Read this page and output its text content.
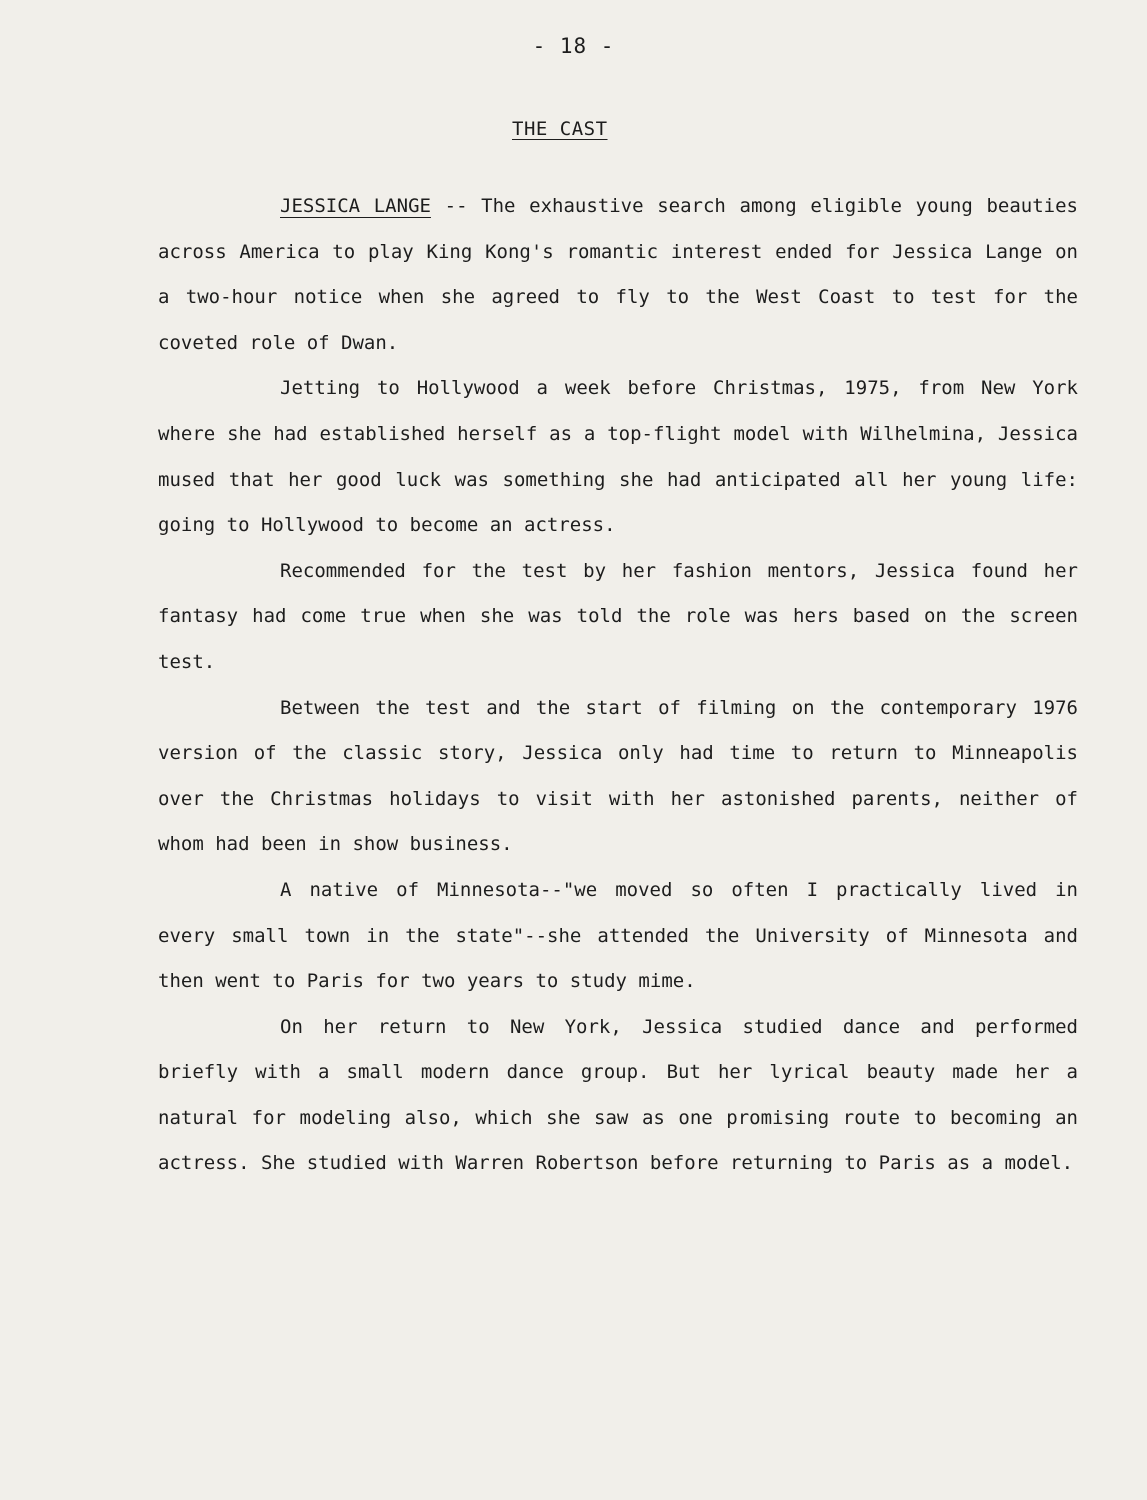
- 18 -
THE CAST

JESSICA LANGE -- The exhaustive search among eligible young beauties across America to play King Kong's romantic interest ended for Jessica Lange on a two-hour notice when she agreed to fly to the West Coast to test for the coveted role of Dwan.

Jetting to Hollywood a week before Christmas, 1975, from New York where she had established herself as a top-flight model with Wilhelmina, Jessica mused that her good luck was something she had anticipated all her young life: going to Hollywood to become an actress.

Recommended for the test by her fashion mentors, Jessica found her fantasy had come true when she was told the role was hers based on the screen test.

Between the test and the start of filming on the contemporary 1976 version of the classic story, Jessica only had time to return to Minneapolis over the Christmas holidays to visit with her astonished parents, neither of whom had been in show business.

A native of Minnesota--"we moved so often I practically lived in every small town in the state"--she attended the University of Minnesota and then went to Paris for two years to study mime.

On her return to New York, Jessica studied dance and performed briefly with a small modern dance group. But her lyrical beauty made her a natural for modeling also, which she saw as one promising route to becoming an actress. She studied with Warren Robertson before returning to Paris as a model.
